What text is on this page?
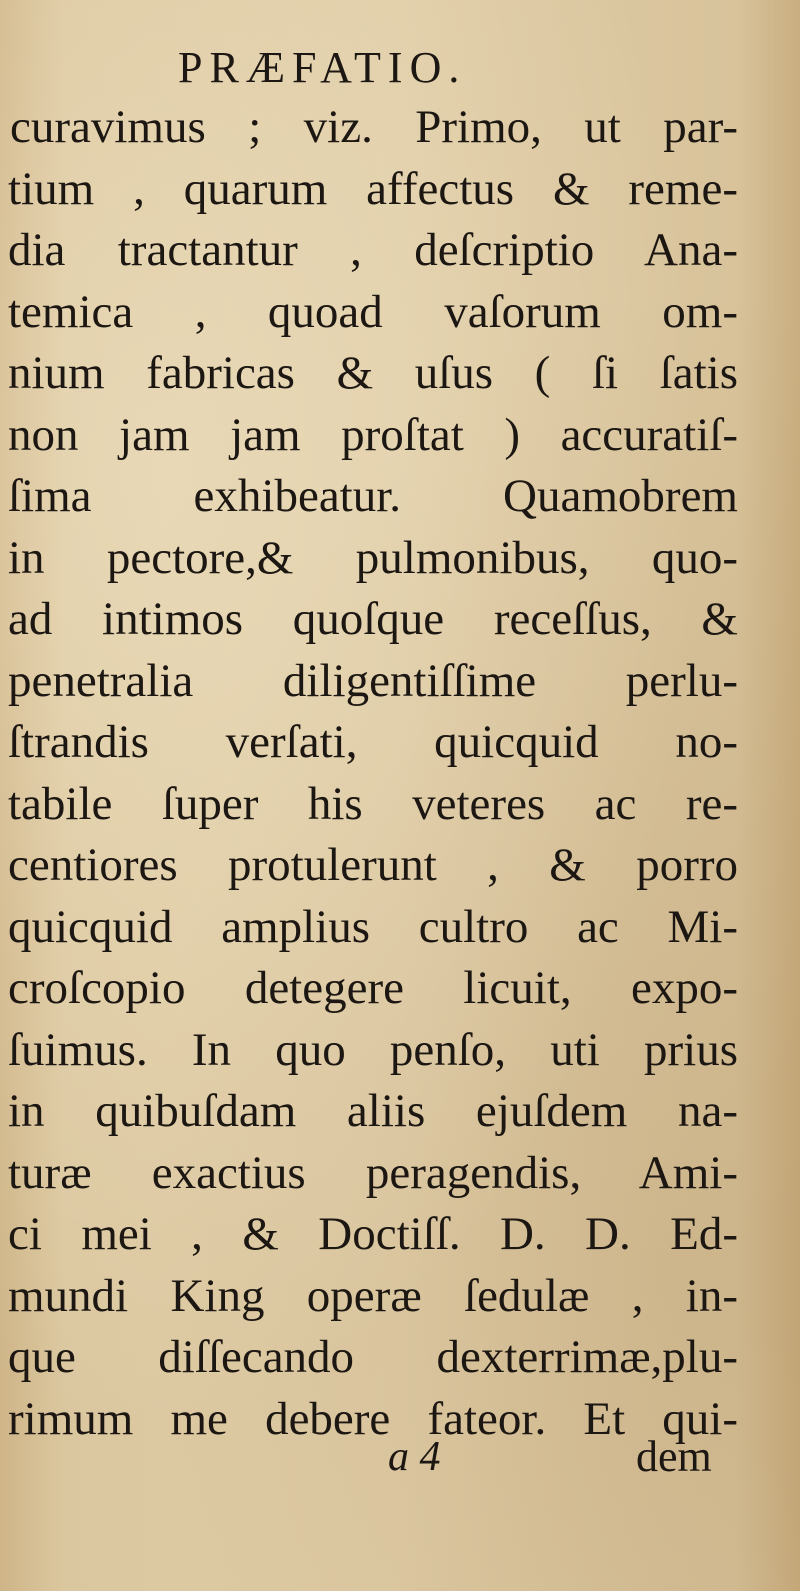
PRÆFATIO.
curavimus ; viz. Primo, ut par-
tium , quarum affectus & reme-
dia tractantur , deſcriptio Ana-
temica , quoad vaſorum om-
nium fabricas & uſus ( ſi ſatis
non jam jam proſtat ) accuratiſ-
ſima exhibeatur. Quamobrem
in pectore,& pulmonibus, quo-
ad intimos quoſque receſſus, &
penetralia diligentiſſime perlu-
ſtrandis verſati, quicquid no-
tabile ſuper his veteres ac re-
centiores protulerunt , & porro
quicquid amplius cultro ac Mi-
croſcopio detegere licuit, expo-
ſuimus. In quo penſo, uti prius
in quibuſdam aliis ejuſdem na-
turæ exactius peragendis, Ami-
ci mei , & Doctiſſ. D. D. Ed-
mundi King operæ ſedulæ , in-
que diſſecando dexterrimæ,plu-
rimum me debere fateor. Et qui-
a 4	dem
